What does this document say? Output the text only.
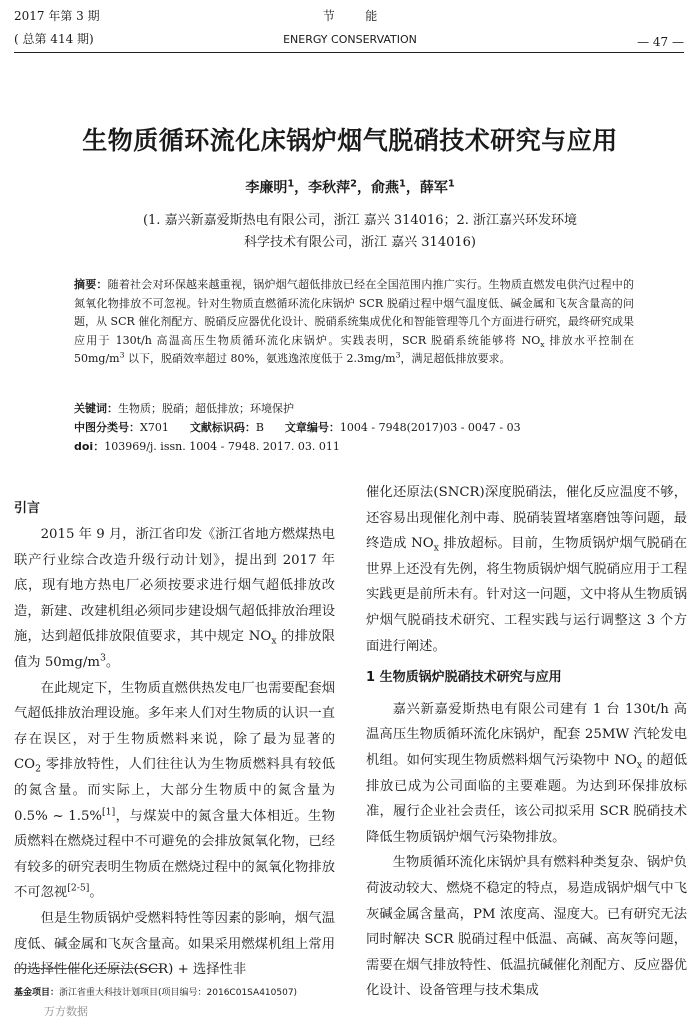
2017 年第 3 期
( 总第 414 期)
节        能
ENERGY CONSERVATION	— 47 —
生物质循环流化床锅炉烟气脱硝技术研究与应用
李廉明$^1$，李秋萍$^2$，俞燕$^1$，薛军$^1$
(1. 嘉兴新嘉爱斯热电有限公司，浙江 嘉兴 314016；2. 浙江嘉兴环发环境
科学技术有限公司，浙江 嘉兴 314016)
摘要：随着社会对环保越来越重视，锅炉烟气超低排放已经在全国范围内推广实行。生物质直燃发电供汽过程中的氮氧化物排放不可忽视。针对生物质直燃循环流化床锅炉 SCR 脱硝过程中烟气温度低、碱金属和飞灰含量高的问题，从 SCR 催化剂配方、脱硝反应器优化设计、脱硝系统集成优化和智能管理等几个方面进行研究，最终研究成果应用于 130t/h 高温高压生物质循环流化床锅炉。实践表明，SCR 脱硝系统能够将 $NO_x$ 排放水平控制在 $50mg/m^3$ 以下，脱硝效率超过 80%，氨逃逸浓度低于 $2.3mg/m^3$，满足超低排放要求。
关键词：生物质；脱硝；超低排放；环境保护
中图分类号：X701 文献标识码：B 文章编号：1004 - 7948(2017)03 - 0047 - 03
doi：103969/j. issn. 1004 - 7948. 2017. 03. 011
引言

2015 年 9 月，浙江省印发《浙江省地方燃煤热电联产行业综合改造升级行动计划》，提出到 2017 年底，现有地方热电厂必须按要求进行烟气超低排放改造，新建、改建机组必须同步建设烟气超低排放治理设施，达到超低排放限值要求，其中规定 $NO_x$ 的排放限值为 $50mg/m^3$。

在此规定下，生物质直燃供热发电厂也需要配套烟气超低排放治理设施。多年来人们对生物质的认识一直存在误区，对于生物质燃料来说，除了最为显著的 $CO_2$ 零排放特性，人们往往认为生物质燃料具有较低的氮含量。而实际上，大部分生物质中的氮含量为 0.5% ~ 1.5%[1]，与煤炭中的氮含量大体相近。生物质燃料在燃烧过程中不可避免的会排放氮氧化物，已经有较多的研究表明生物质在燃烧过程中的氮氧化物排放不可忽视[2-5]。

但是生物质锅炉受燃料特性等因素的影响，烟气温度低、碱金属和飞灰含量高。如果采用燃煤机组上常用的选择性催化还原法(SCR) + 选择性非

催化还原法(SNCR)深度脱硝法，催化反应温度不够，还容易出现催化剂中毒、脱硝装置堵塞磨蚀等问题，最终造成 $NO_x$ 排放超标。目前，生物质锅炉烟气脱硝在世界上还没有先例，将生物质锅炉烟气脱硝应用于工程实践更是前所未有。针对这一问题，文中将从生物质锅炉烟气脱硝技术研究、工程实践与运行调整这 3 个方面进行阐述。

1 生物质锅炉脱硝技术研究与应用

嘉兴新嘉爱斯热电有限公司建有 1 台 130t/h 高温高压生物质循环流化床锅炉，配套 25MW 汽轮发电机组。如何实现生物质燃料烟气污染物中 $NO_x$ 的超低排放已成为公司面临的主要难题。为达到环保排放标准，履行企业社会责任，该公司拟采用 SCR 脱硝技术降低生物质锅炉烟气污染物排放。

生物质循环流化床锅炉具有燃料种类复杂、锅炉负荷波动较大、燃烧不稳定的特点，易造成锅炉烟气中飞灰碱金属含量高，PM 浓度高、湿度大。已有研究无法同时解决 SCR 脱硝过程中低温、高碱、高灰等问题，需要在烟气排放特性、低温抗碱催化剂配方、反应器优化设计、设备管理与技术集成

基金项目：浙江省重大科技计划项目(项目编号：2016C01SA410507)
万方数据
